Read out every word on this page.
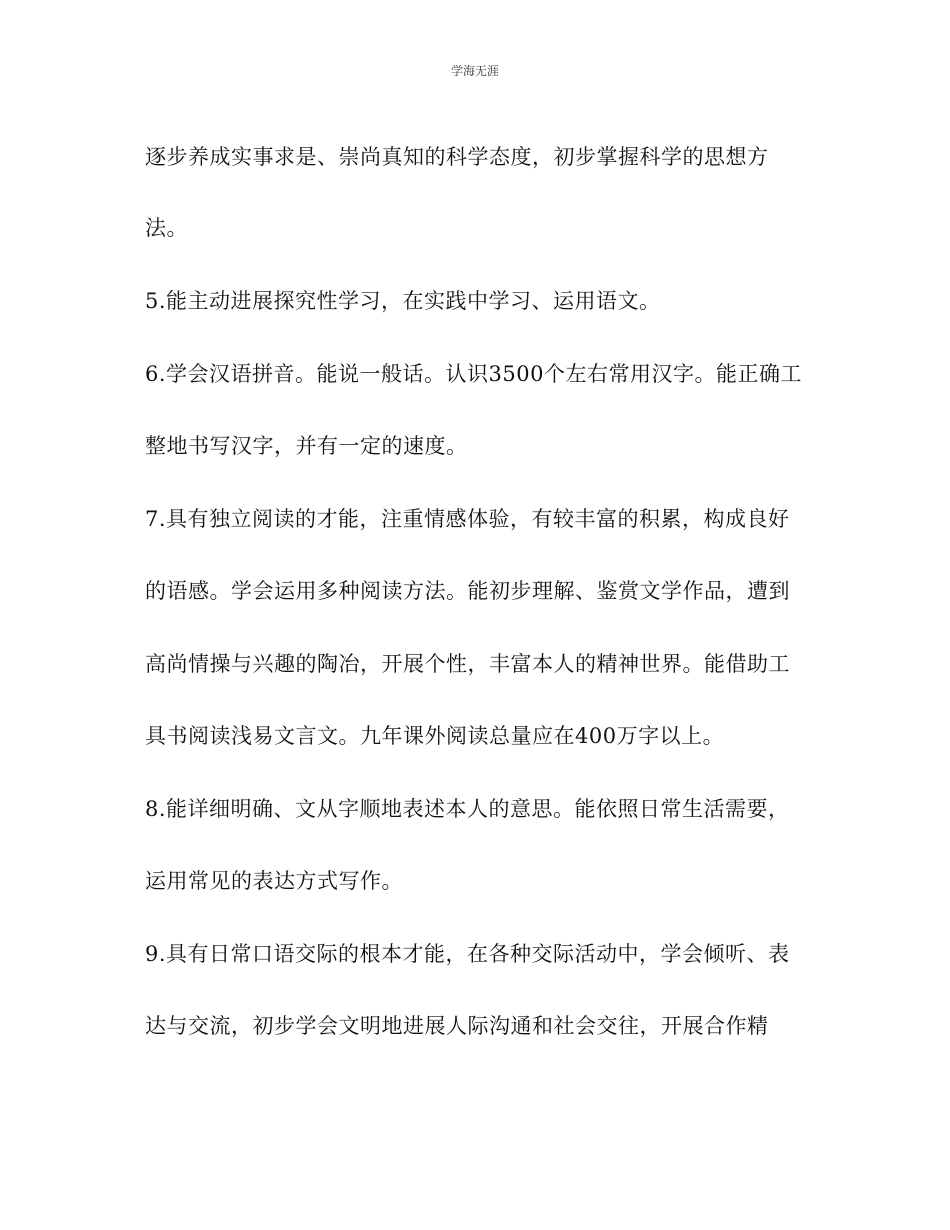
学海无涯
逐步养成实事求是、崇尚真知的科学态度，初步掌握科学的思想方
法。
5.能主动进展探究性学习，在实践中学习、运用语文。
6.学会汉语拼音。能说一般话。认识3500个左右常用汉字。能正确工
整地书写汉字，并有一定的速度。
7.具有独立阅读的才能，注重情感体验，有较丰富的积累，构成良好
的语感。学会运用多种阅读方法。能初步理解、鉴赏文学作品，遭到
高尚情操与兴趣的陶冶，开展个性，丰富本人的精神世界。能借助工
具书阅读浅易文言文。九年课外阅读总量应在400万字以上。
8.能详细明确、文从字顺地表述本人的意思。能依照日常生活需要，
运用常见的表达方式写作。
9.具有日常口语交际的根本才能，在各种交际活动中，学会倾听、表
达与交流，初步学会文明地进展人际沟通和社会交往，开展合作精
